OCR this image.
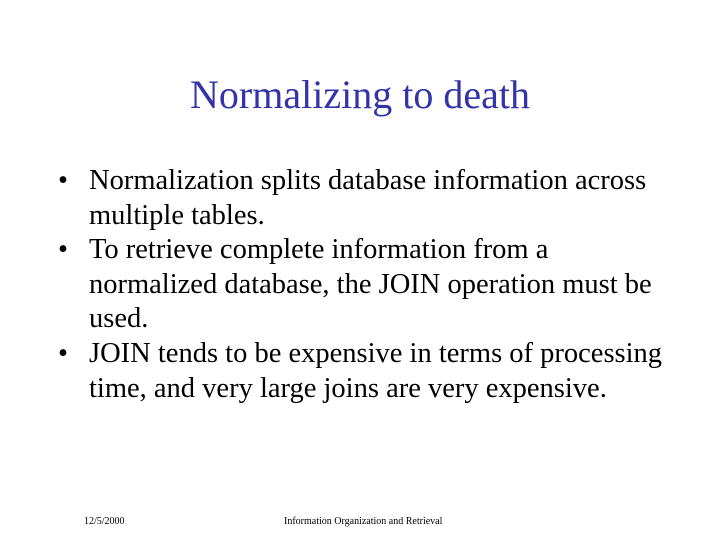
Normalizing to death
• Normalization splits database information across multiple tables.
• To retrieve complete information from a normalized database, the JOIN operation must be used.
• JOIN tends to be expensive in terms of processing time, and very large joins are very expensive.
12/5/2000	Information Organization and Retrieval
